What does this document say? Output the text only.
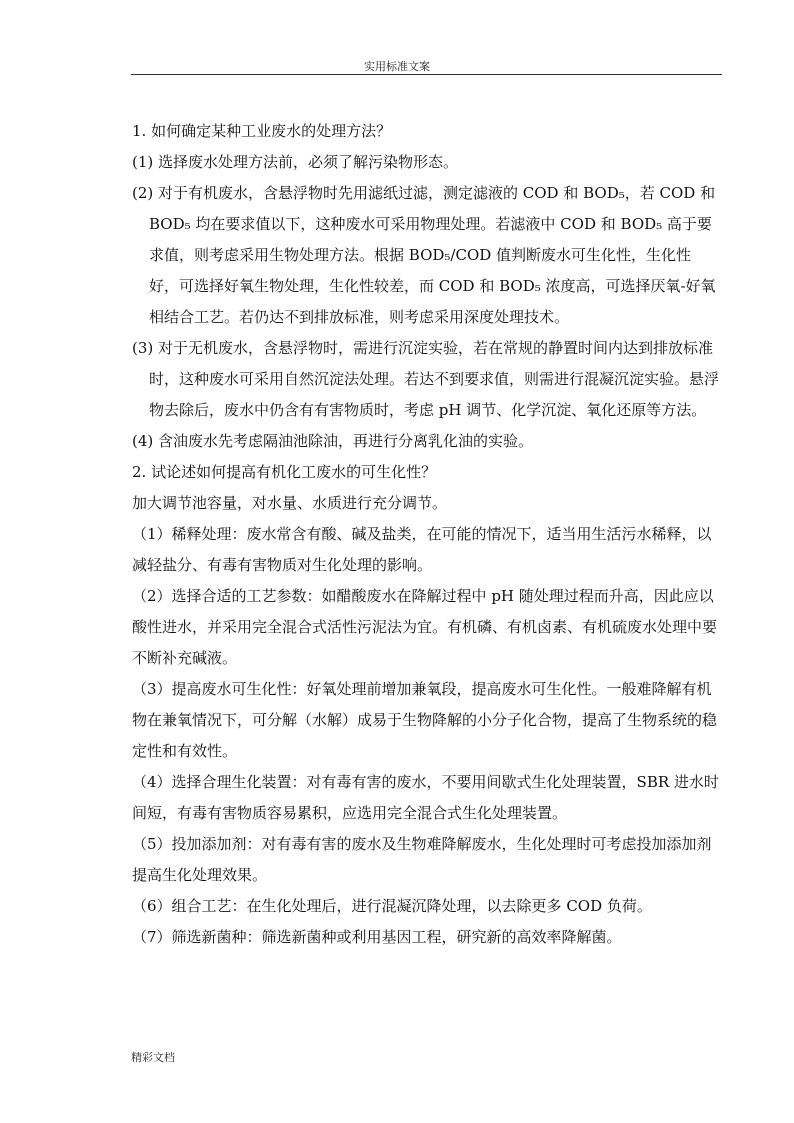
实用标准文案

1. 如何确定某种工业废水的处理方法？

(1) 选择废水处理方法前，必须了解污染物形态。

(2) 对于有机废水，含悬浮物时先用滤纸过滤，测定滤液的 COD 和 BOD₅，若 COD 和 BOD₅ 均在要求值以下，这种废水可采用物理处理。若滤液中 COD 和 BOD₅ 高于要求值，则考虑采用生物处理方法。根据 BOD₅/COD 值判断废水可生化性，生化性好，可选择好氧生物处理，生化性较差，而 COD 和 BOD₅ 浓度高，可选择厌氧-好氧相结合工艺。若仍达不到排放标准，则考虑采用深度处理技术。

(3) 对于无机废水，含悬浮物时，需进行沉淀实验，若在常规的静置时间内达到排放标准时，这种废水可采用自然沉淀法处理。若达不到要求值，则需进行混凝沉淀实验。悬浮物去除后，废水中仍含有有害物质时，考虑 pH 调节、化学沉淀、氧化还原等方法。

(4) 含油废水先考虑隔油池除油，再进行分离乳化油的实验。

2. 试论述如何提高有机化工废水的可生化性？

加大调节池容量，对水量、水质进行充分调节。

（1）稀释处理：废水常含有酸、碱及盐类，在可能的情况下，适当用生活污水稀释，以减轻盐分、有毒有害物质对生化处理的影响。

（2）选择合适的工艺参数：如醋酸废水在降解过程中 pH 随处理过程而升高，因此应以酸性进水，并采用完全混合式活性污泥法为宜。有机磷、有机卤素、有机硫废水处理中要不断补充碱液。

（3）提高废水可生化性：好氧处理前增加兼氧段，提高废水可生化性。一般难降解有机物在兼氧情况下，可分解（水解）成易于生物降解的小分子化合物，提高了生物系统的稳定性和有效性。

（4）选择合理生化装置：对有毒有害的废水，不要用间歇式生化处理装置，SBR 进水时间短，有毒有害物质容易累积，应选用完全混合式生化处理装置。

（5）投加添加剂：对有毒有害的废水及生物难降解废水，生化处理时可考虑投加添加剂提高生化处理效果。

（6）组合工艺：在生化处理后，进行混凝沉降处理，以去除更多 COD 负荷。

（7）筛选新菌种：筛选新菌种或利用基因工程，研究新的高效率降解菌。

精彩文档
